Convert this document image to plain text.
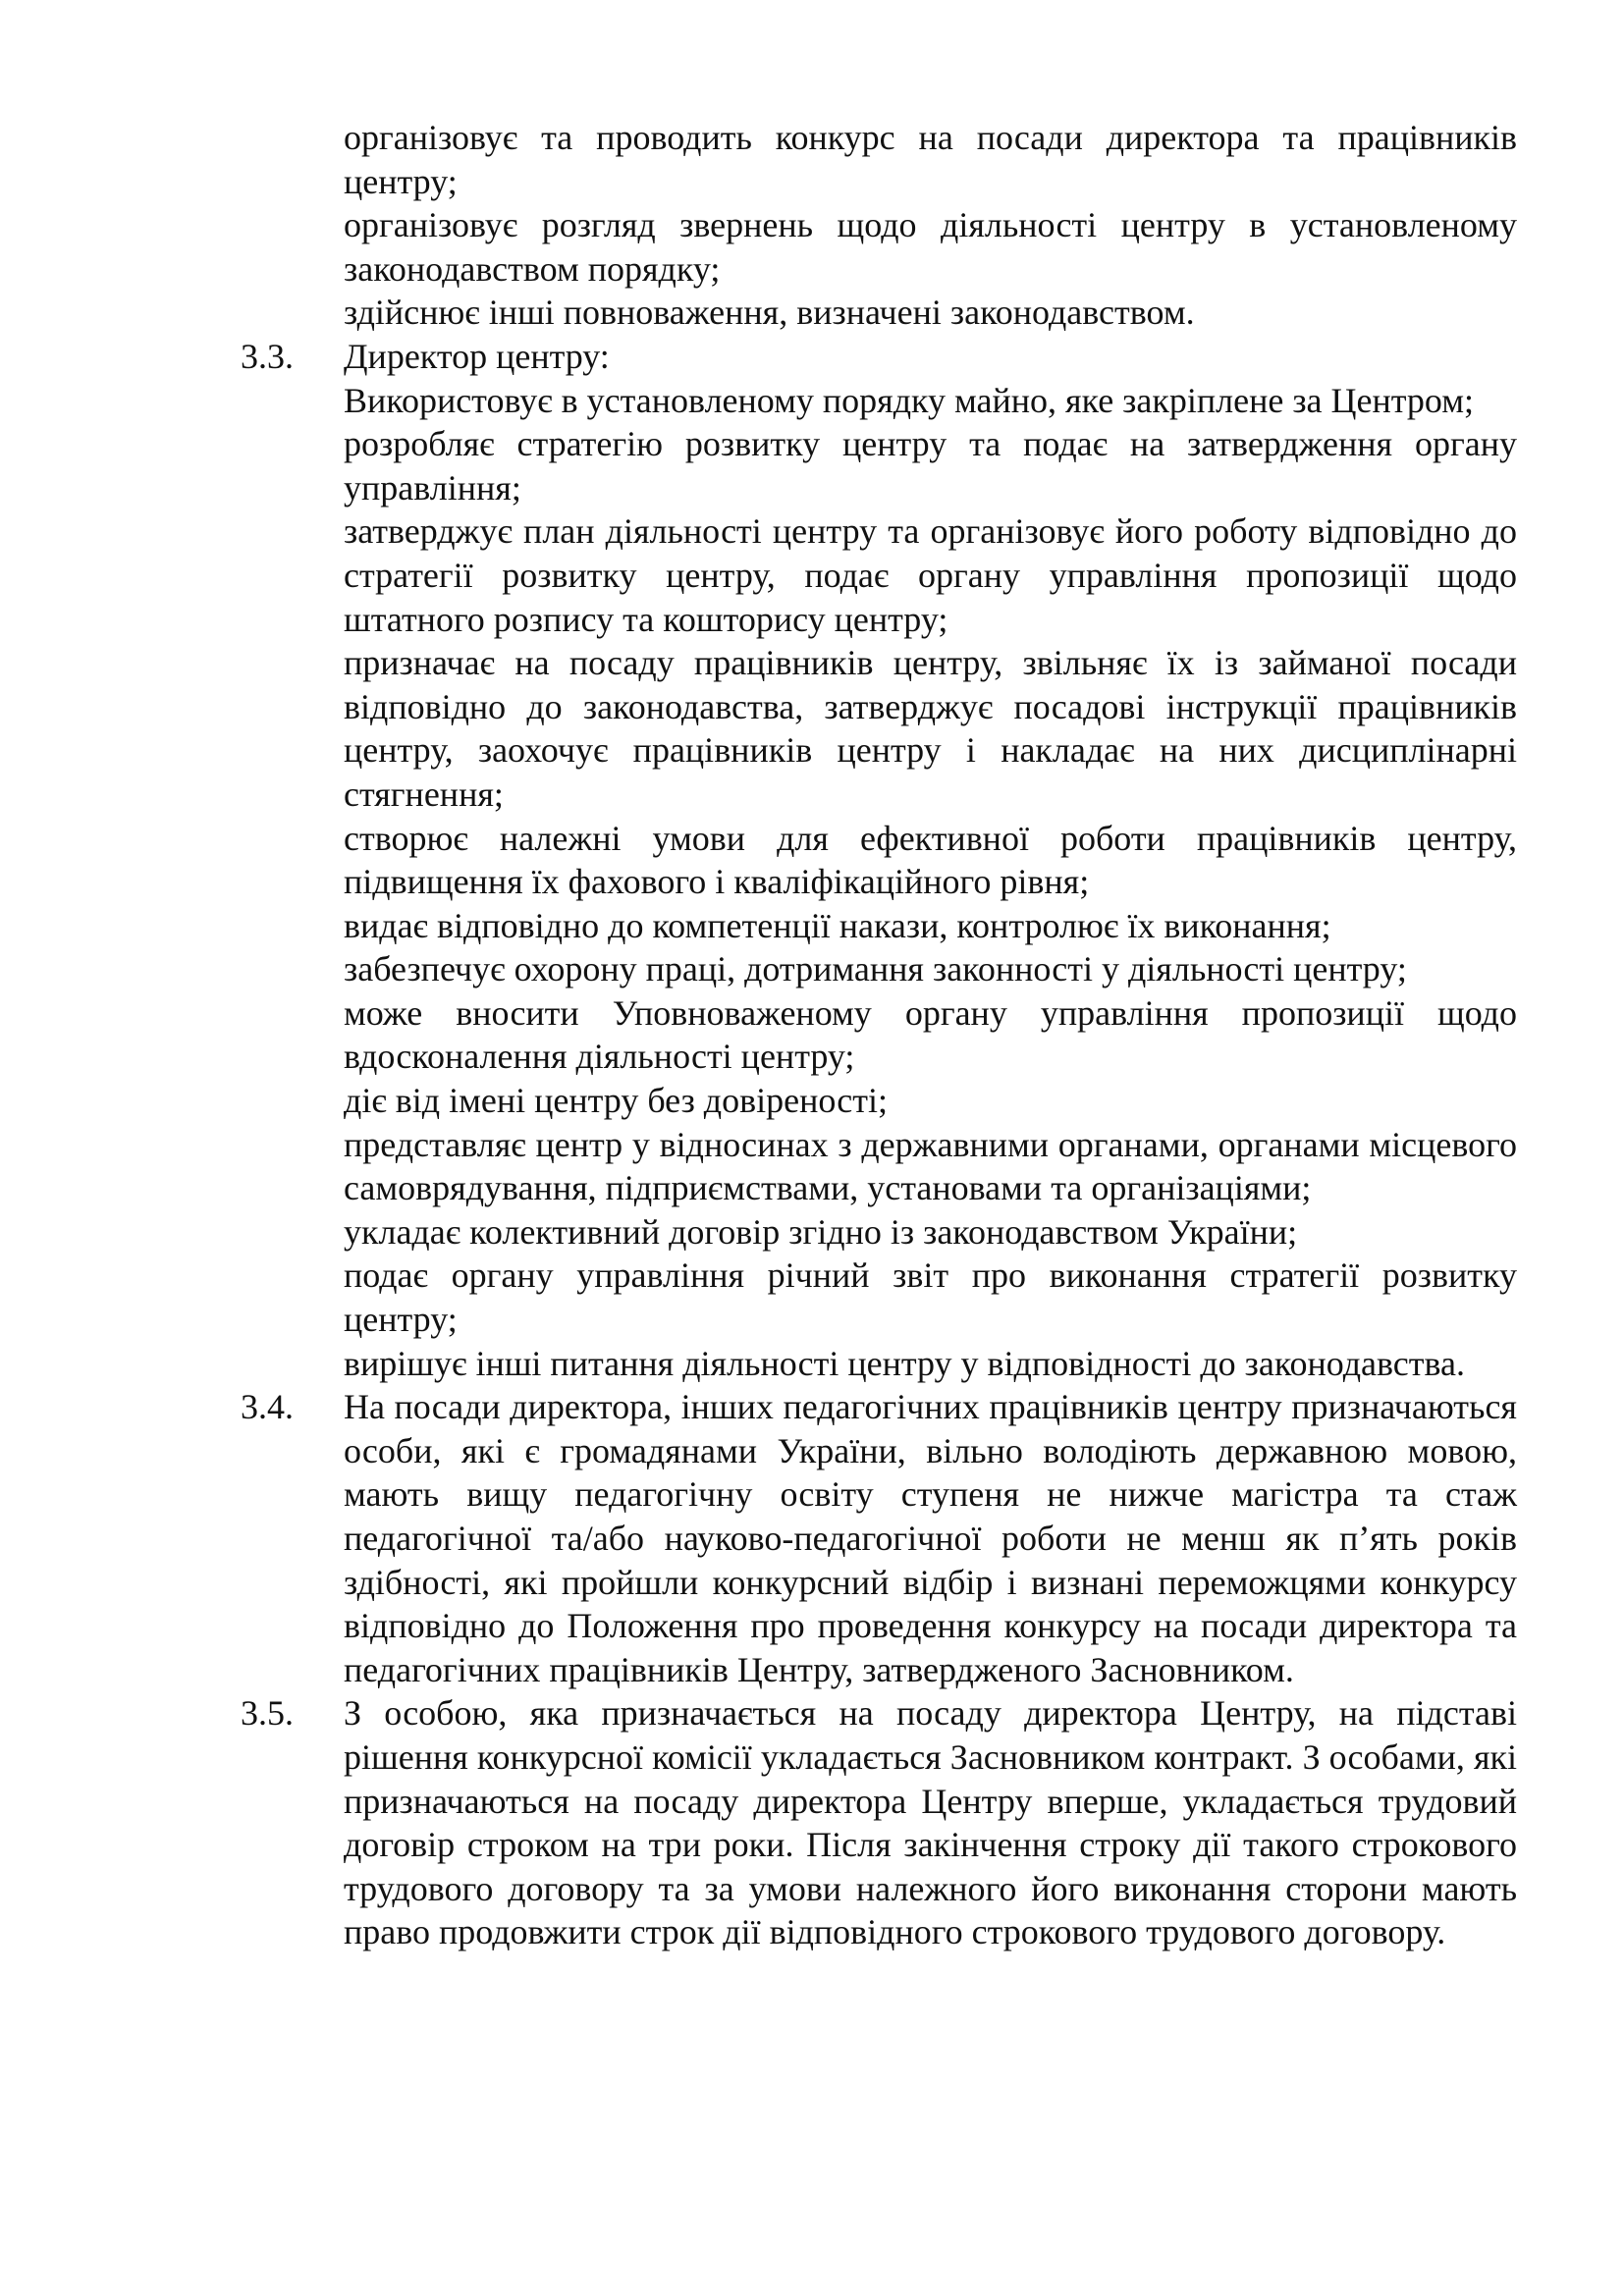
організовує та проводить конкурс на посади директора та працівників центру;
організовує розгляд звернень щодо діяльності центру в установленому законодавством порядку;
здійснює інші повноваження, визначені законодавством.
3.3.	Директор центру:
Використовує в установленому порядку майно, яке закріплене за Центром;
розробляє стратегію розвитку центру та подає на затвердження органу управління;
затверджує план діяльності центру та організовує його роботу відповідно до стратегії розвитку центру, подає органу управління пропозиції щодо штатного розпису та кошторису центру;
призначає на посаду працівників центру, звільняє їх із займаної посади відповідно до законодавства, затверджує посадові інструкції працівників центру, заохочує працівників центру і накладає на них дисциплінарні стягнення;
створює належні умови для ефективної роботи працівників центру, підвищення їх фахового і кваліфікаційного рівня;
видає відповідно до компетенції накази, контролює їх виконання;
забезпечує охорону праці, дотримання законності у діяльності центру;
може вносити Уповноваженому органу управління пропозиції щодо вдосконалення діяльності центру;
діє від імені центру без довіреності;
представляє центр у відносинах з державними органами, органами місцевого самоврядування, підприємствами, установами та організаціями;
укладає колективний договір згідно із законодавством України;
подає органу управління річний звіт про виконання стратегії розвитку центру;
вирішує інші питання діяльності центру у відповідності до законодавства.
3.4.	На посади директора, інших педагогічних працівників центру призначаються особи, які є громадянами України, вільно володіють державною мовою, мають вищу педагогічну освіту ступеня не нижче магістра та стаж педагогічної та/або науково-педагогічної роботи не менш як п’ять років здібності, які пройшли конкурсний відбір і визнані переможцями конкурсу відповідно до Положення про проведення конкурсу на посади директора та педагогічних працівників Центру, затвердженого Засновником.
3.5.	З особою, яка призначається на посаду директора Центру, на підставі рішення конкурсної комісії укладається Засновником контракт. З особами, які призначаються на посаду директора Центру вперше, укладається трудовий договір строком на три роки. Після закінчення строку дії такого строкового трудового договору та за умови належного його виконання сторони мають право продовжити строк дії відповідного строкового трудового договору.
